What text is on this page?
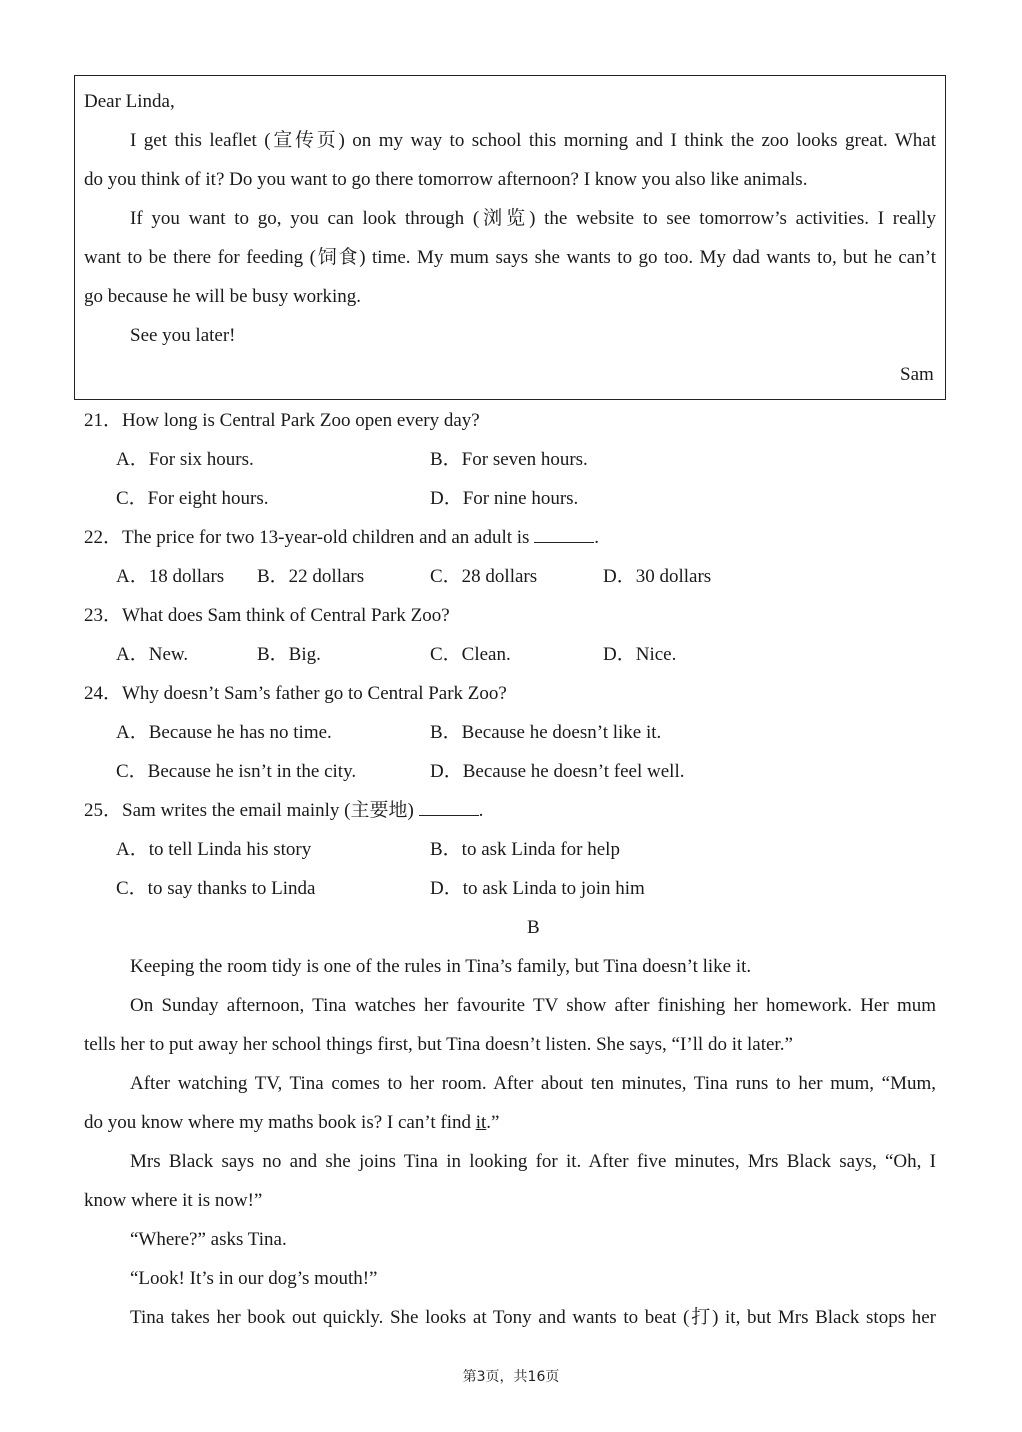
Dear Linda,
I get this leaflet (宣传页) on my way to school this morning and I think the zoo looks great. What
do you think of it? Do you want to go there tomorrow afternoon? I know you also like animals.
If you want to go, you can look through (浏览) the website to see tomorrow’s activities. I really
want to be there for feeding (饲食) time. My mum says she wants to go too. My dad wants to, but he can’t
go because he will be busy working.
See you later!
Sam
21．How long is Central Park Zoo open every day?
A．For six hours.	B．For seven hours.
C．For eight hours.	D．For nine hours.
22．The price for two 13-year-old children and an adult is	.
A．18 dollars B．22 dollars	C．28 dollars	D．30 dollars
23．What does Sam think of Central Park Zoo?
A．New.	B．Big.	C．Clean.	D．Nice.
24．Why doesn’t Sam’s father go to Central Park Zoo?
A．Because he has no time.	B．Because he doesn’t like it.
C．Because he isn’t in the city.	D．Because he doesn’t feel well.
25．Sam writes the email mainly (主要地)	.
A．to tell Linda his story	B．to ask Linda for help
C．to say thanks to Linda	D．to ask Linda to join him
B
Keeping the room tidy is one of the rules in Tina’s family, but Tina doesn’t like it.
On Sunday afternoon, Tina watches her favourite TV show after finishing her homework. Her mum
tells her to put away her school things first, but Tina doesn’t listen. She says, “I’ll do it later.”
After watching TV, Tina comes to her room. After about ten minutes, Tina runs to her mum, “Mum,
do you know where my maths book is? I can’t find it.”
Mrs Black says no and she joins Tina in looking for it. After five minutes, Mrs Black says, “Oh, I
know where it is now!”
“Where?” asks Tina.
“Look! It’s in our dog’s mouth!”
Tina takes her book out quickly. She looks at Tony and wants to beat (打) it, but Mrs Black stops her
第3页，共16页
